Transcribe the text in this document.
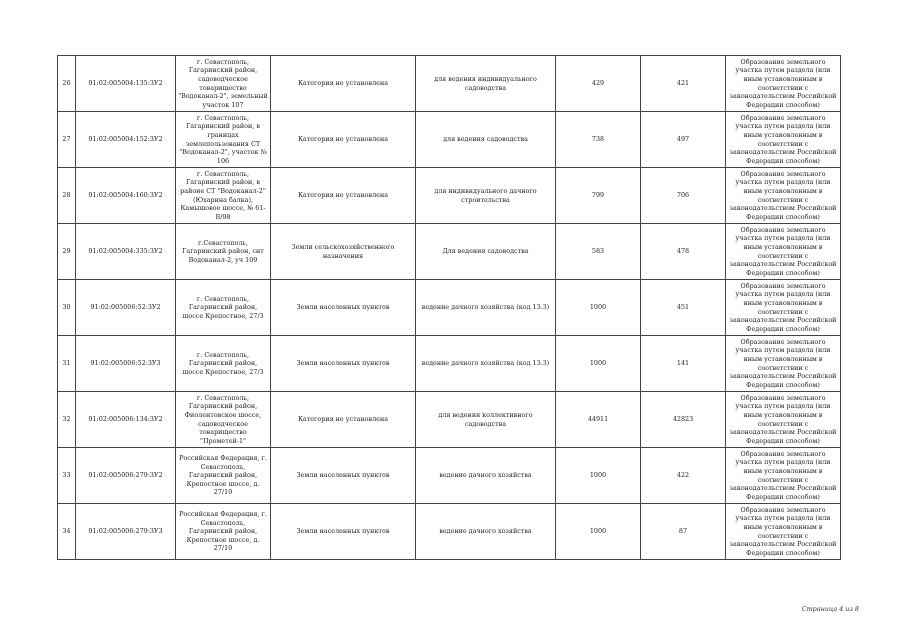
26	91:02:005004:135:ЗУ2	г. Севастополь, Гагаринский район, садоводческое товарищество "Водоканал-2", земельный участок 107	Категория не установлена	для ведения индивидуального садоводства	429	421	Образование земельного участка путем раздела (или иным установленным в соответствии с законодательством Российской Федерации способом)
27	91:02:005004:152:ЗУ2	г. Севастополь, Гагаринский район, в границах землепользования СТ "Водоканал-2", участок № 106	Категория не установлена	для ведения садоводства	738	497	Образование земельного участка путем раздела (или иным установленным в соответствии с законодательством Российской Федерации способом)
28	91:02:005004:160:ЗУ2	г. Севастополь, Гагаринский район, в районе СТ "Водоканал-2" (Юхарина балка), Камышовое шоссе, № 61-В/98	Категория не установлена	для индивидуального дачного строительства	799	706	Образование земельного участка путем раздела (или иным установленным в соответствии с законодательством Российской Федерации способом)
29	91:02:005004:335:ЗУ2	г.Севастополь, Гагаринский район, снт Водоканал-2, уч 109	Земли сельскохозяйственного назначения	Для ведения садоводства	583	478	Образование земельного участка путем раздела (или иным установленным в соответствии с законодательством Российской Федерации способом)
30	91:02:005006:52:ЗУ2	г. Севастополь, Гагаринский район, шоссе Крепостное, 27/3	Земли населенных пунктов	ведение дачного хозяйства (код 13.3)	1000	451	Образование земельного участка путем раздела (или иным установленным в соответствии с законодательством Российской Федерации способом)
31	91:02:005006:52:ЗУ3	г. Севастополь, Гагаринский район, шоссе Крепостное, 27/3	Земли населенных пунктов	ведение дачного хозяйства (код 13.3)	1000	141	Образование земельного участка путем раздела (или иным установленным в соответствии с законодательством Российской Федерации способом)
32	91:02:005006:134:ЗУ2	г. Севастополь, Гагаринский район, Фиолентовское шоссе, садоводческое товарищество "Прометей-1"	Категория не установлена	для ведения коллективного садоводства	44911	42823	Образование земельного участка путем раздела (или иным установленным в соответствии с законодательством Российской Федерации способом)
33	91:02:005006:279:ЗУ2	Российская Федерация, г. Севастополь, Гагаринский район, Крепостное шоссе, д. 27/19	Земли населенных пунктов	ведение дачного хозяйства	1000	422	Образование земельного участка путем раздела (или иным установленным в соответствии с законодательством Российской Федерации способом)
34	91:02:005006:279:ЗУ3	Российская Федерация, г. Севастополь, Гагаринский район, Крепостное шоссе, д. 27/19	Земли населенных пунктов	ведение дачного хозяйства	1000	87	Образование земельного участка путем раздела (или иным установленным в соответствии с законодательством Российской Федерации способом)
Страница 4 из 8
